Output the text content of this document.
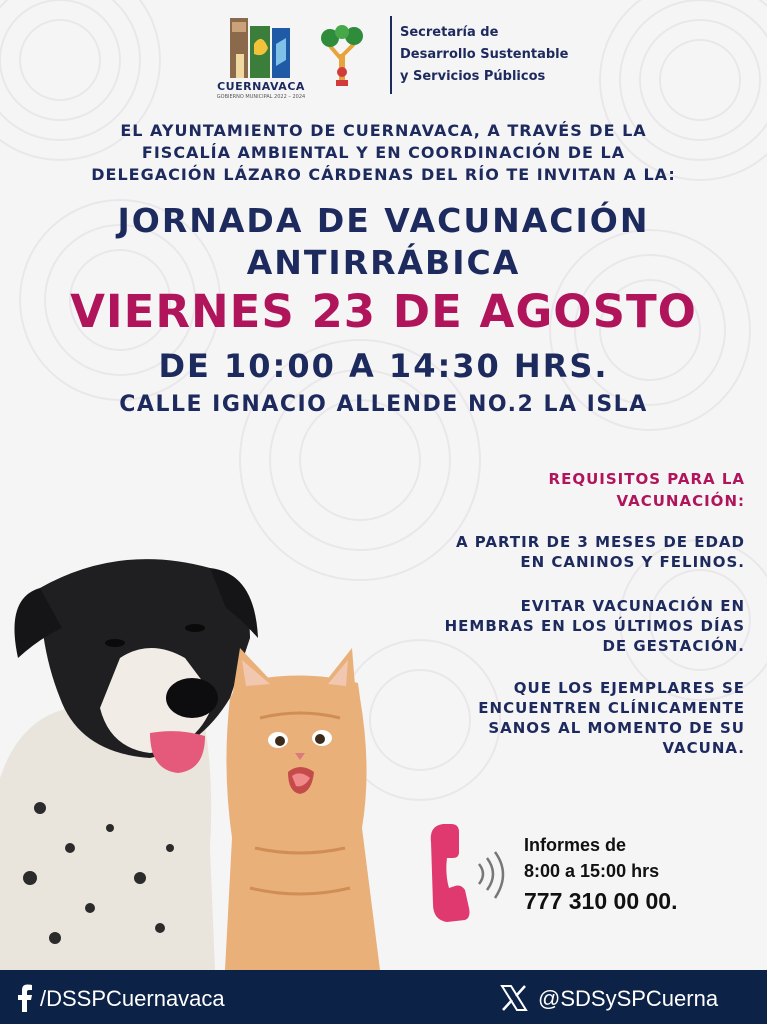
CUERNAVACA
GOBIERNO MUNICIPAL 2022 – 2024
Secretaría de
Desarrollo Sustentable
y Servicios Públicos
EL AYUNTAMIENTO DE CUERNAVACA, A TRAVÉS DE LA
FISCALÍA AMBIENTAL Y EN COORDINACIÓN DE LA
DELEGACIÓN LÁZARO CÁRDENAS DEL RÍO TE INVITAN A LA:
JORNADA DE VACUNACIÓN
ANTIRRÁBICA
VIERNES 23 DE AGOSTO
DE 10:00 A 14:30 HRS.
CALLE IGNACIO ALLENDE NO.2 LA ISLA
REQUISITOS PARA LA
VACUNACIÓN:
A PARTIR DE 3 MESES DE EDAD
EN CANINOS Y FELINOS.
EVITAR VACUNACIÓN EN
HEMBRAS EN LOS ÚLTIMOS DÍAS
DE GESTACIÓN.
QUE LOS EJEMPLARES SE
ENCUENTREN CLÍNICAMENTE
SANOS AL MOMENTO DE SU
VACUNA.
Informes de
8:00 a 15:00 hrs
777 310 00 00.
/DSSPCuernavaca	@SDSySPCuerna
